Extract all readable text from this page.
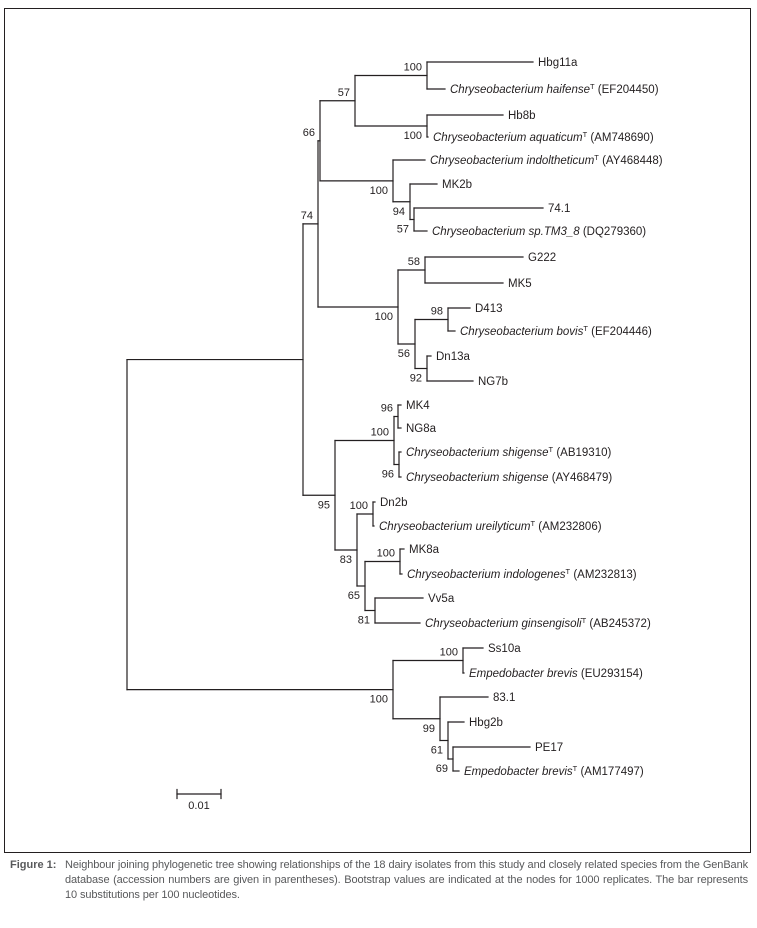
74
66
57
100	Hbg11a
Chryseobacterium haifense$^T$ (EF204450)
100
Hb8b
Chryseobacterium aquaticum$^T$ (AM748690)
100
Chryseobacterium indoltheticum$^T$ (AY468448)
94
MK2b
57
74.1
Chryseobacterium sp.TM3_8 (DQ279360)
100
58	G222
MK5
56
98	D413
Chryseobacterium bovis$^T$ (EF204446)
92
Dn13a
NG7b
95
100
96 MK4
NG8a
96
Chryseobacterium shigense$^T$ (AB19310)
Chryseobacterium shigense (AY468479)
83
100 Dn2b
Chryseobacterium ureilyticum$^T$ (AM232806)
65
100 MK8a
Chryseobacterium indologenes$^T$ (AM232813)
81
Vv5a
Chryseobacterium ginsengisoli$^T$ (AB245372)
100
100	Ss10a
Empedobacter brevis (EU293154)
99
83.1
61
Hbg2b
69
PE17
Empedobacter brevis$^T$ (AM177497)
0.01
Figure 1: Neighbour joining phylogenetic tree showing relationships of the 18 dairy isolates from this study and closely related species from the GenBank database (accession numbers are given in parentheses). Bootstrap values are indicated at the nodes for 1000 replicates. The bar represents 10 substitutions per 100 nucleotides.
